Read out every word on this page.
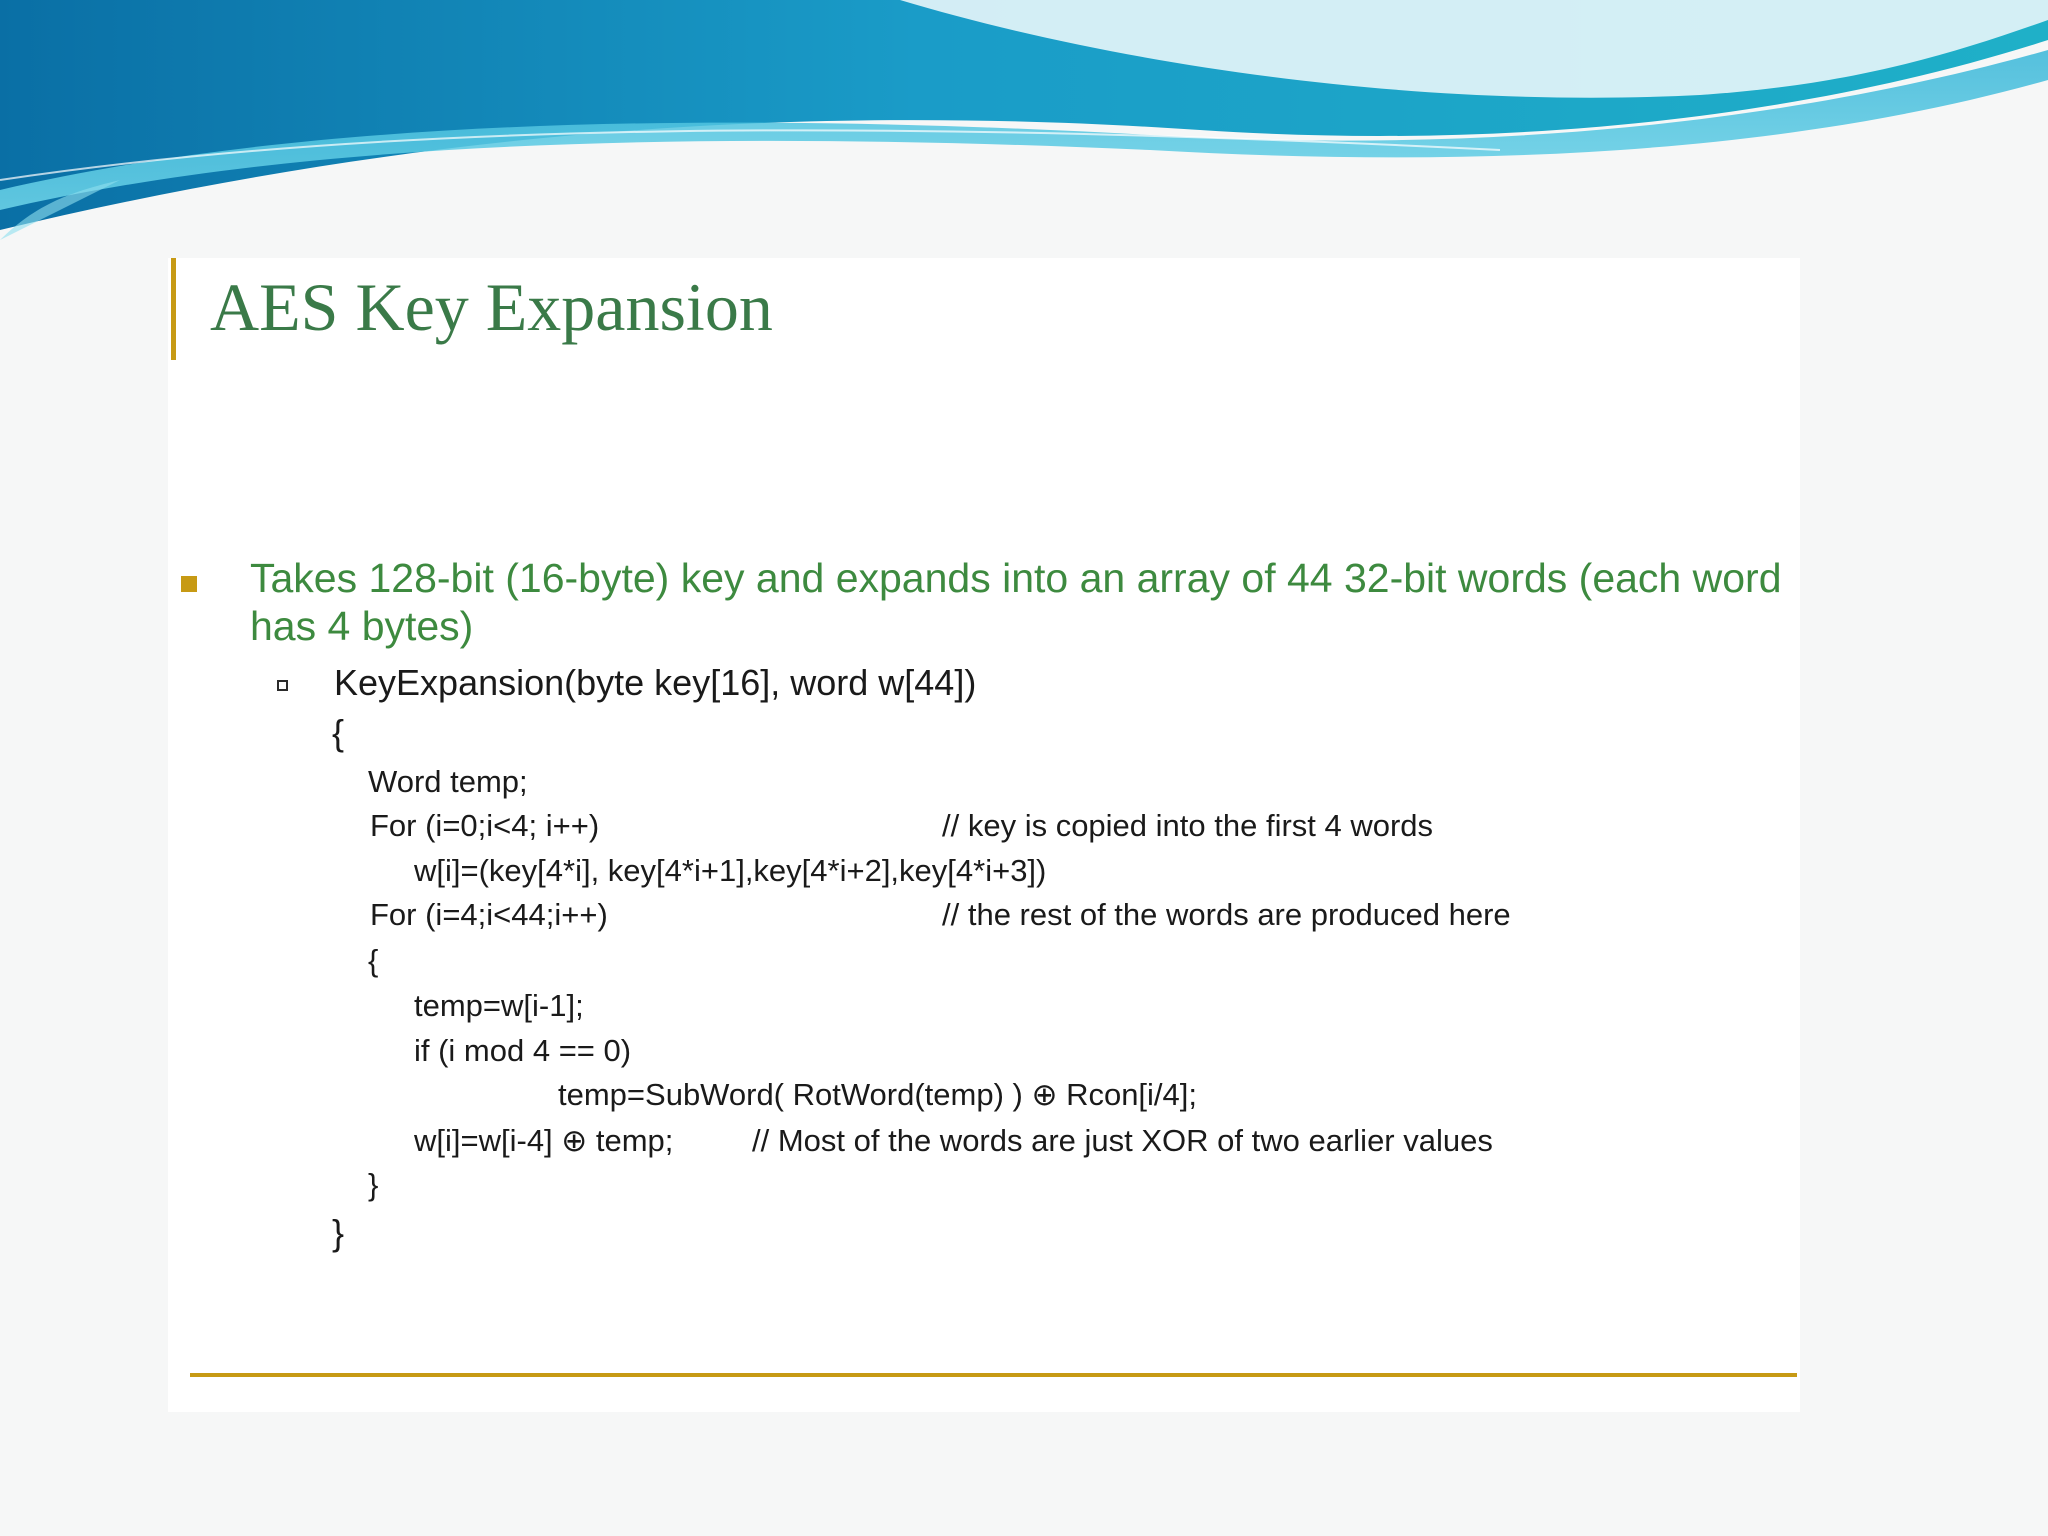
AES Key Expansion
Takes 128-bit (16-byte) key and expands into an array of 44 32-bit words (each word has 4 bytes)
KeyExpansion(byte key[16], word w[44])
{
Word temp;
For (i=0;i<4; i++)	// key is copied into the first 4 words
w[i]=(key[4*i], key[4*i+1],key[4*i+2],key[4*i+3])
For (i=4;i<44;i++)	// the rest of the words are produced here
{
temp=w[i-1];
if (i mod 4 == 0)
temp=SubWord( RotWord(temp) ) ⊕ Rcon[i/4];
w[i]=w[i-4] ⊕ temp;	// Most of the words are just XOR of two earlier values
}
}
